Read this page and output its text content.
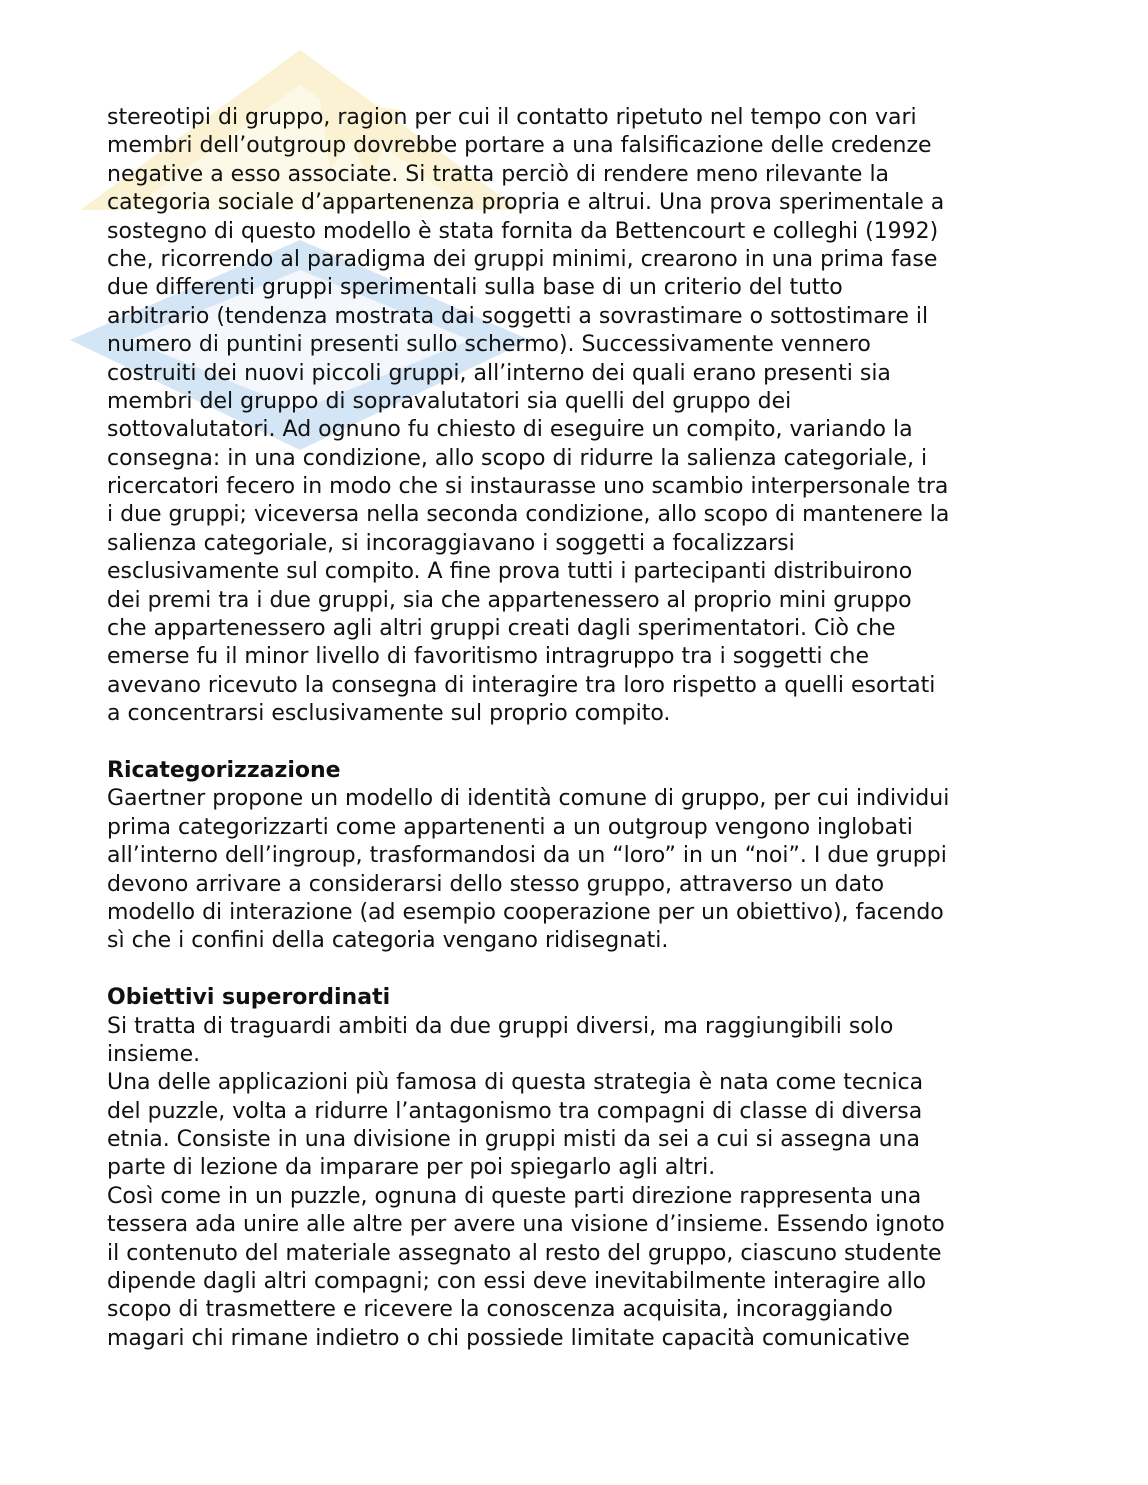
stereotipi di gruppo, ragion per cui il contatto ripetuto nel tempo con vari
membri dell’outgroup dovrebbe portare a una falsificazione delle credenze
negative a esso associate. Si tratta perciò di rendere meno rilevante la
categoria sociale d’appartenenza propria e altrui. Una prova sperimentale a
sostegno di questo modello è stata fornita da Bettencourt e colleghi (1992)
che, ricorrendo al paradigma dei gruppi minimi, crearono in una prima fase
due differenti gruppi sperimentali sulla base di un criterio del tutto
arbitrario (tendenza mostrata dai soggetti a sovrastimare o sottostimare il
numero di puntini presenti sullo schermo). Successivamente vennero
costruiti dei nuovi piccoli gruppi, all’interno dei quali erano presenti sia
membri del gruppo di sopravalutatori sia quelli del gruppo dei
sottovalutatori. Ad ognuno fu chiesto di eseguire un compito, variando la
consegna: in una condizione, allo scopo di ridurre la salienza categoriale, i
ricercatori fecero in modo che si instaurasse uno scambio interpersonale tra
i due gruppi; viceversa nella seconda condizione, allo scopo di mantenere la
salienza categoriale, si incoraggiavano i soggetti a focalizzarsi
esclusivamente sul compito. A fine prova tutti i partecipanti distribuirono
dei premi tra i due gruppi, sia che appartenessero al proprio mini gruppo
che appartenessero agli altri gruppi creati dagli sperimentatori. Ciò che
emerse fu il minor livello di favoritismo intragruppo tra i soggetti che
avevano ricevuto la consegna di interagire tra loro rispetto a quelli esortati
a concentrarsi esclusivamente sul proprio compito.
Ricategorizzazione
Gaertner propone un modello di identità comune di gruppo, per cui individui
prima categorizzarti come appartenenti a un outgroup vengono inglobati
all’interno dell’ingroup, trasformandosi da un “loro” in un “noi”. I due gruppi
devono arrivare a considerarsi dello stesso gruppo, attraverso un dato
modello di interazione (ad esempio cooperazione per un obiettivo), facendo
sì che i confini della categoria vengano ridisegnati.
Obiettivi superordinati
Si tratta di traguardi ambiti da due gruppi diversi, ma raggiungibili solo
insieme.
Una delle applicazioni più famosa di questa strategia è nata come tecnica
del puzzle, volta a ridurre l’antagonismo tra compagni di classe di diversa
etnia. Consiste in una divisione in gruppi misti da sei a cui si assegna una
parte di lezione da imparare per poi spiegarlo agli altri.
Così come in un puzzle, ognuna di queste parti direzione rappresenta una
tessera ada unire alle altre per avere una visione d’insieme. Essendo ignoto
il contenuto del materiale assegnato al resto del gruppo, ciascuno studente
dipende dagli altri compagni; con essi deve inevitabilmente interagire allo
scopo di trasmettere e ricevere la conoscenza acquisita, incoraggiando
magari chi rimane indietro o chi possiede limitate capacità comunicative
